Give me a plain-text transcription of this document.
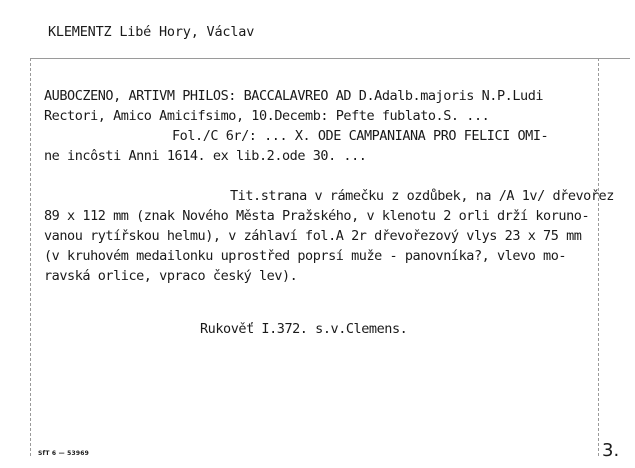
KLEMENTZ Libé Hory, Václav
AUBOCZENO, ARTIVM PHILOS: BACCALAVREO AD D.Adalb.majoris N.P.Ludi
Rectori, Amico Amicifsimo, 10.Decemb: Pefte fublato.S. ...
Fol./C 6r/: ... X. ODE CAMPANIANA PRO FELICI OMI-
ne incôsti Anni 1614. ex lib.2.ode 30. ...
Tit.strana v rámečku z ozdůbek, na /A 1v/ dřevořez
89 x 112 mm (znak Nového Města Pražského, v klenotu 2 orli drží koruno-
vanou rytířskou helmu), v záhlaví fol.A 2r dřevořezový vlys 23 x 75 mm
(v kruhovém medailonku uprostřed poprsí muže - panovníka?, vlevo mo-
ravská orlice, vpraco český lev).
Rukověť I.372. s.v.Clemens.
SfT 6 — 53969	3.
